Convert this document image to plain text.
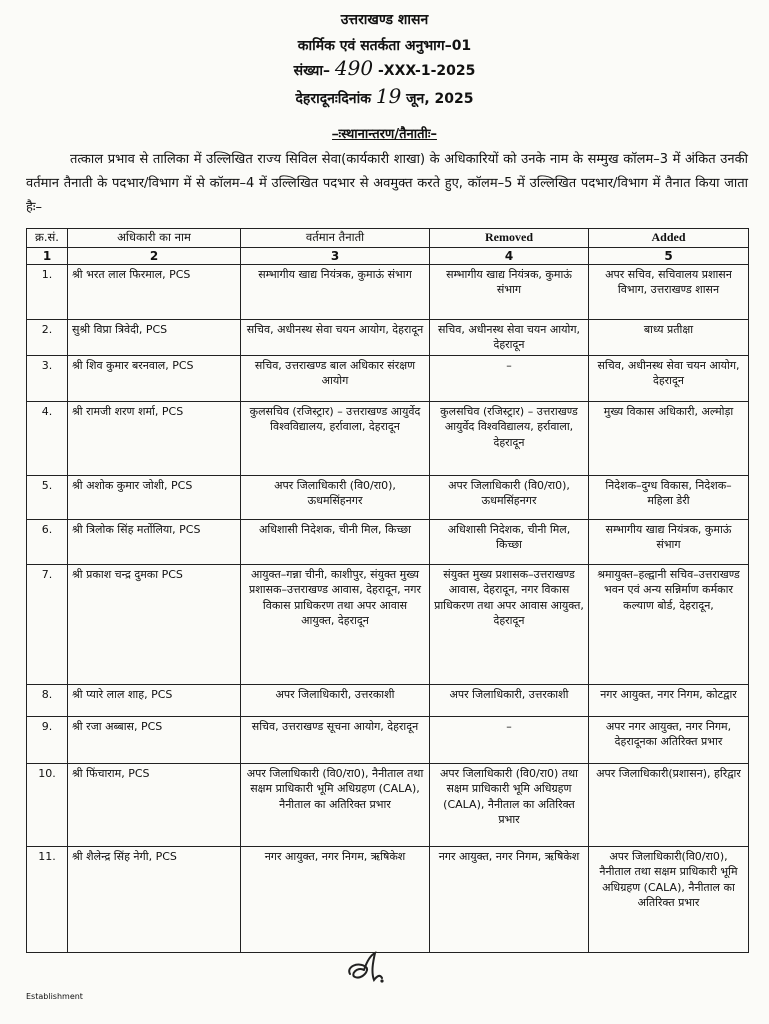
उत्तराखण्ड शासन
कार्मिक एवं सतर्कता अनुभाग–01
संख्या– 490 -XXX-1-2025
देहरादूनःदिनांक 19 जून, 2025
–ःस्थानान्तरण/तैनातीः–
तत्काल प्रभाव से तालिका में उल्लिखित राज्य सिविल सेवा(कार्यकारी शाखा) के अधिकारियों को उनके नाम के सम्मुख कॉलम–3 में अंकित उनकी वर्तमान तैनाती के पदभार/विभाग में से कॉलम–4 में उल्लिखित पदभार से अवमुक्त करते हुए, कॉलम–5 में उल्लिखित पदभार/विभाग में तैनात किया जाता हैः–
क्र.सं.	अधिकारी का नाम	वर्तमान तैनाती	Removed	Added
1	2	3	4	5
1.	श्री भरत लाल फिरमाल, PCS	सम्भागीय खाद्य नियंत्रक, कुमाऊं संभाग	सम्भागीय खाद्य नियंत्रक, कुमाऊं संभाग	अपर सचिव, सचिवालय प्रशासन विभाग, उत्तराखण्ड शासन
2.	सुश्री विप्रा त्रिवेदी, PCS	सचिव, अधीनस्थ सेवा चयन आयोग, देहरादून	सचिव, अधीनस्थ सेवा चयन आयोग, देहरादून	बाध्य प्रतीक्षा
3.	श्री शिव कुमार बरनवाल, PCS	सचिव, उत्तराखण्ड बाल अधिकार संरक्षण आयोग	–	सचिव, अधीनस्थ सेवा चयन आयोग, देहरादून
4.	श्री रामजी शरण शर्मा, PCS	कुलसचिव (रजिस्ट्रार) – उत्तराखण्ड आयुर्वेद विश्वविद्यालय, हर्रावाला, देहरादून	कुलसचिव (रजिस्ट्रार) – उत्तराखण्ड आयुर्वेद विश्वविद्यालय, हर्रावाला, देहरादून	मुख्य विकास अधिकारी, अल्मोड़ा
5.	श्री अशोक कुमार जोशी, PCS	अपर जिलाधिकारी (वि0/रा0), ऊधमसिंहनगर	अपर जिलाधिकारी (वि0/रा0), ऊधमसिंहनगर	निदेशक–दुग्ध विकास, निदेशक–महिला डेरी
6.	श्री त्रिलोक सिंह मर्तोलिया, PCS	अधिशासी निदेशक, चीनी मिल, किच्छा	अधिशासी निदेशक, चीनी मिल, किच्छा	सम्भागीय खाद्य नियंत्रक, कुमाऊं संभाग
7.	श्री प्रकाश चन्द्र दुमका PCS	आयुक्त–गन्ना चीनी, काशीपुर, संयुक्त मुख्य प्रशासक–उत्तराखण्ड आवास, देहरादून, नगर विकास प्राधिकरण तथा अपर आवास आयुक्त, देहरादून	संयुक्त मुख्य प्रशासक–उत्तराखण्ड आवास, देहरादून, नगर विकास प्राधिकरण तथा अपर आवास आयुक्त, देहरादून	श्रमायुक्त–हल्द्वानी सचिव–उत्तराखण्ड भवन एवं अन्य सन्निर्माण कर्मकार कल्याण बोर्ड, देहरादून,
8.	श्री प्यारे लाल शाह, PCS	अपर जिलाधिकारी, उत्तरकाशी	अपर जिलाधिकारी, उत्तरकाशी	नगर आयुक्त, नगर निगम, कोटद्वार
9.	श्री रजा अब्बास, PCS	सचिव, उत्तराखण्ड सूचना आयोग, देहरादून	–	अपर नगर आयुक्त, नगर निगम, देहरादूनका अतिरिक्त प्रभार
10.	श्री फिंचाराम, PCS	अपर जिलाधिकारी (वि0/रा0), नैनीताल तथा सक्षम प्राधिकारी भूमि अधिग्रहण (CALA), नैनीताल का अतिरिक्त प्रभार	अपर जिलाधिकारी (वि0/रा0) तथा सक्षम प्राधिकारी भूमि अधिग्रहण (CALA), नैनीताल का अतिरिक्त प्रभार	अपर जिलाधिकारी(प्रशासन), हरिद्वार
11.	श्री शैलेन्द्र सिंह नेगी, PCS	नगर आयुक्त, नगर निगम, ऋषिकेश	नगर आयुक्त, नगर निगम, ऋषिकेश	अपर जिलाधिकारी(वि0/रा0), नैनीताल तथा सक्षम प्राधिकारी भूमि अधिग्रहण (CALA), नैनीताल का अतिरिक्त प्रभार
Establishment
